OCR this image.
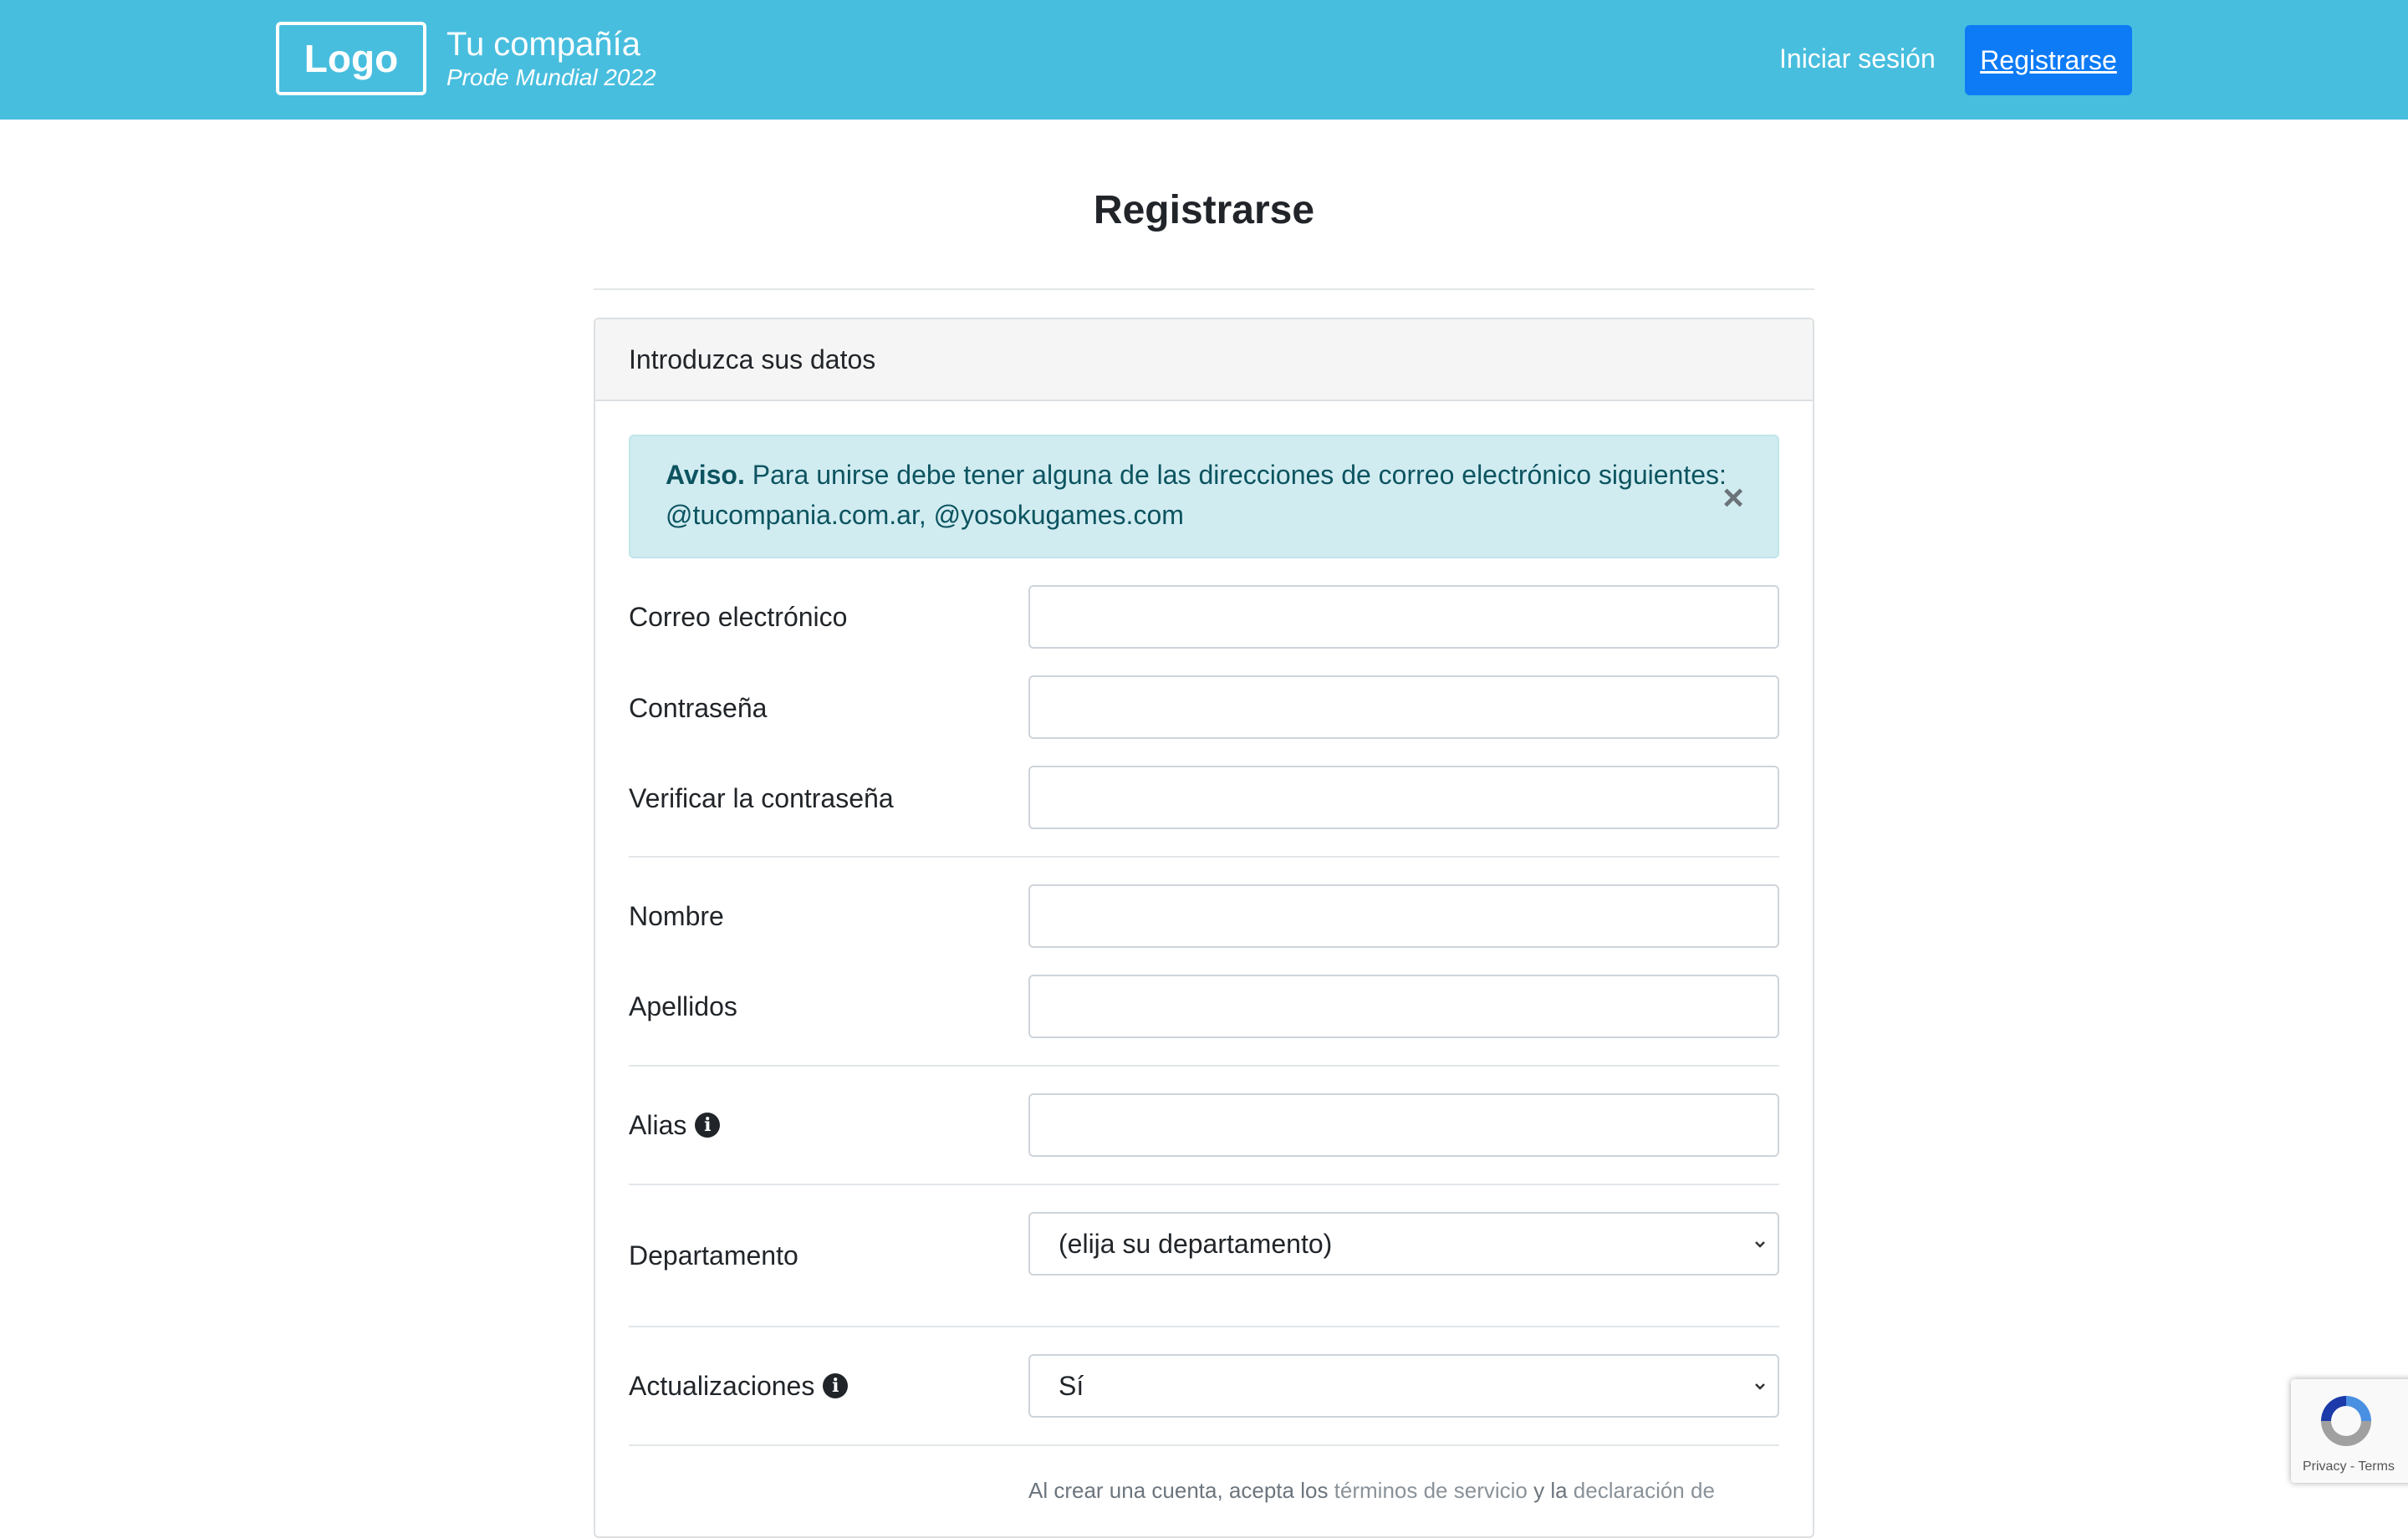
Logo	Tu compañía
Prode Mundial 2022
Iniciar sesión	Registrarse
Registrarse
Introduzca sus datos
Aviso. Para unirse debe tener alguna de las direcciones de correo electrónico siguientes: @tucompania.com.ar, @yosokugames.com	×
Correo electrónico
Contraseña
Verificar la contraseña
Nombre
Apellidos
Alias i
Departamento	(elija su departamento)
Actualizaciones i	Sí
Al crear una cuenta, acepta los términos de servicio y la declaración de
Privacy - Terms
